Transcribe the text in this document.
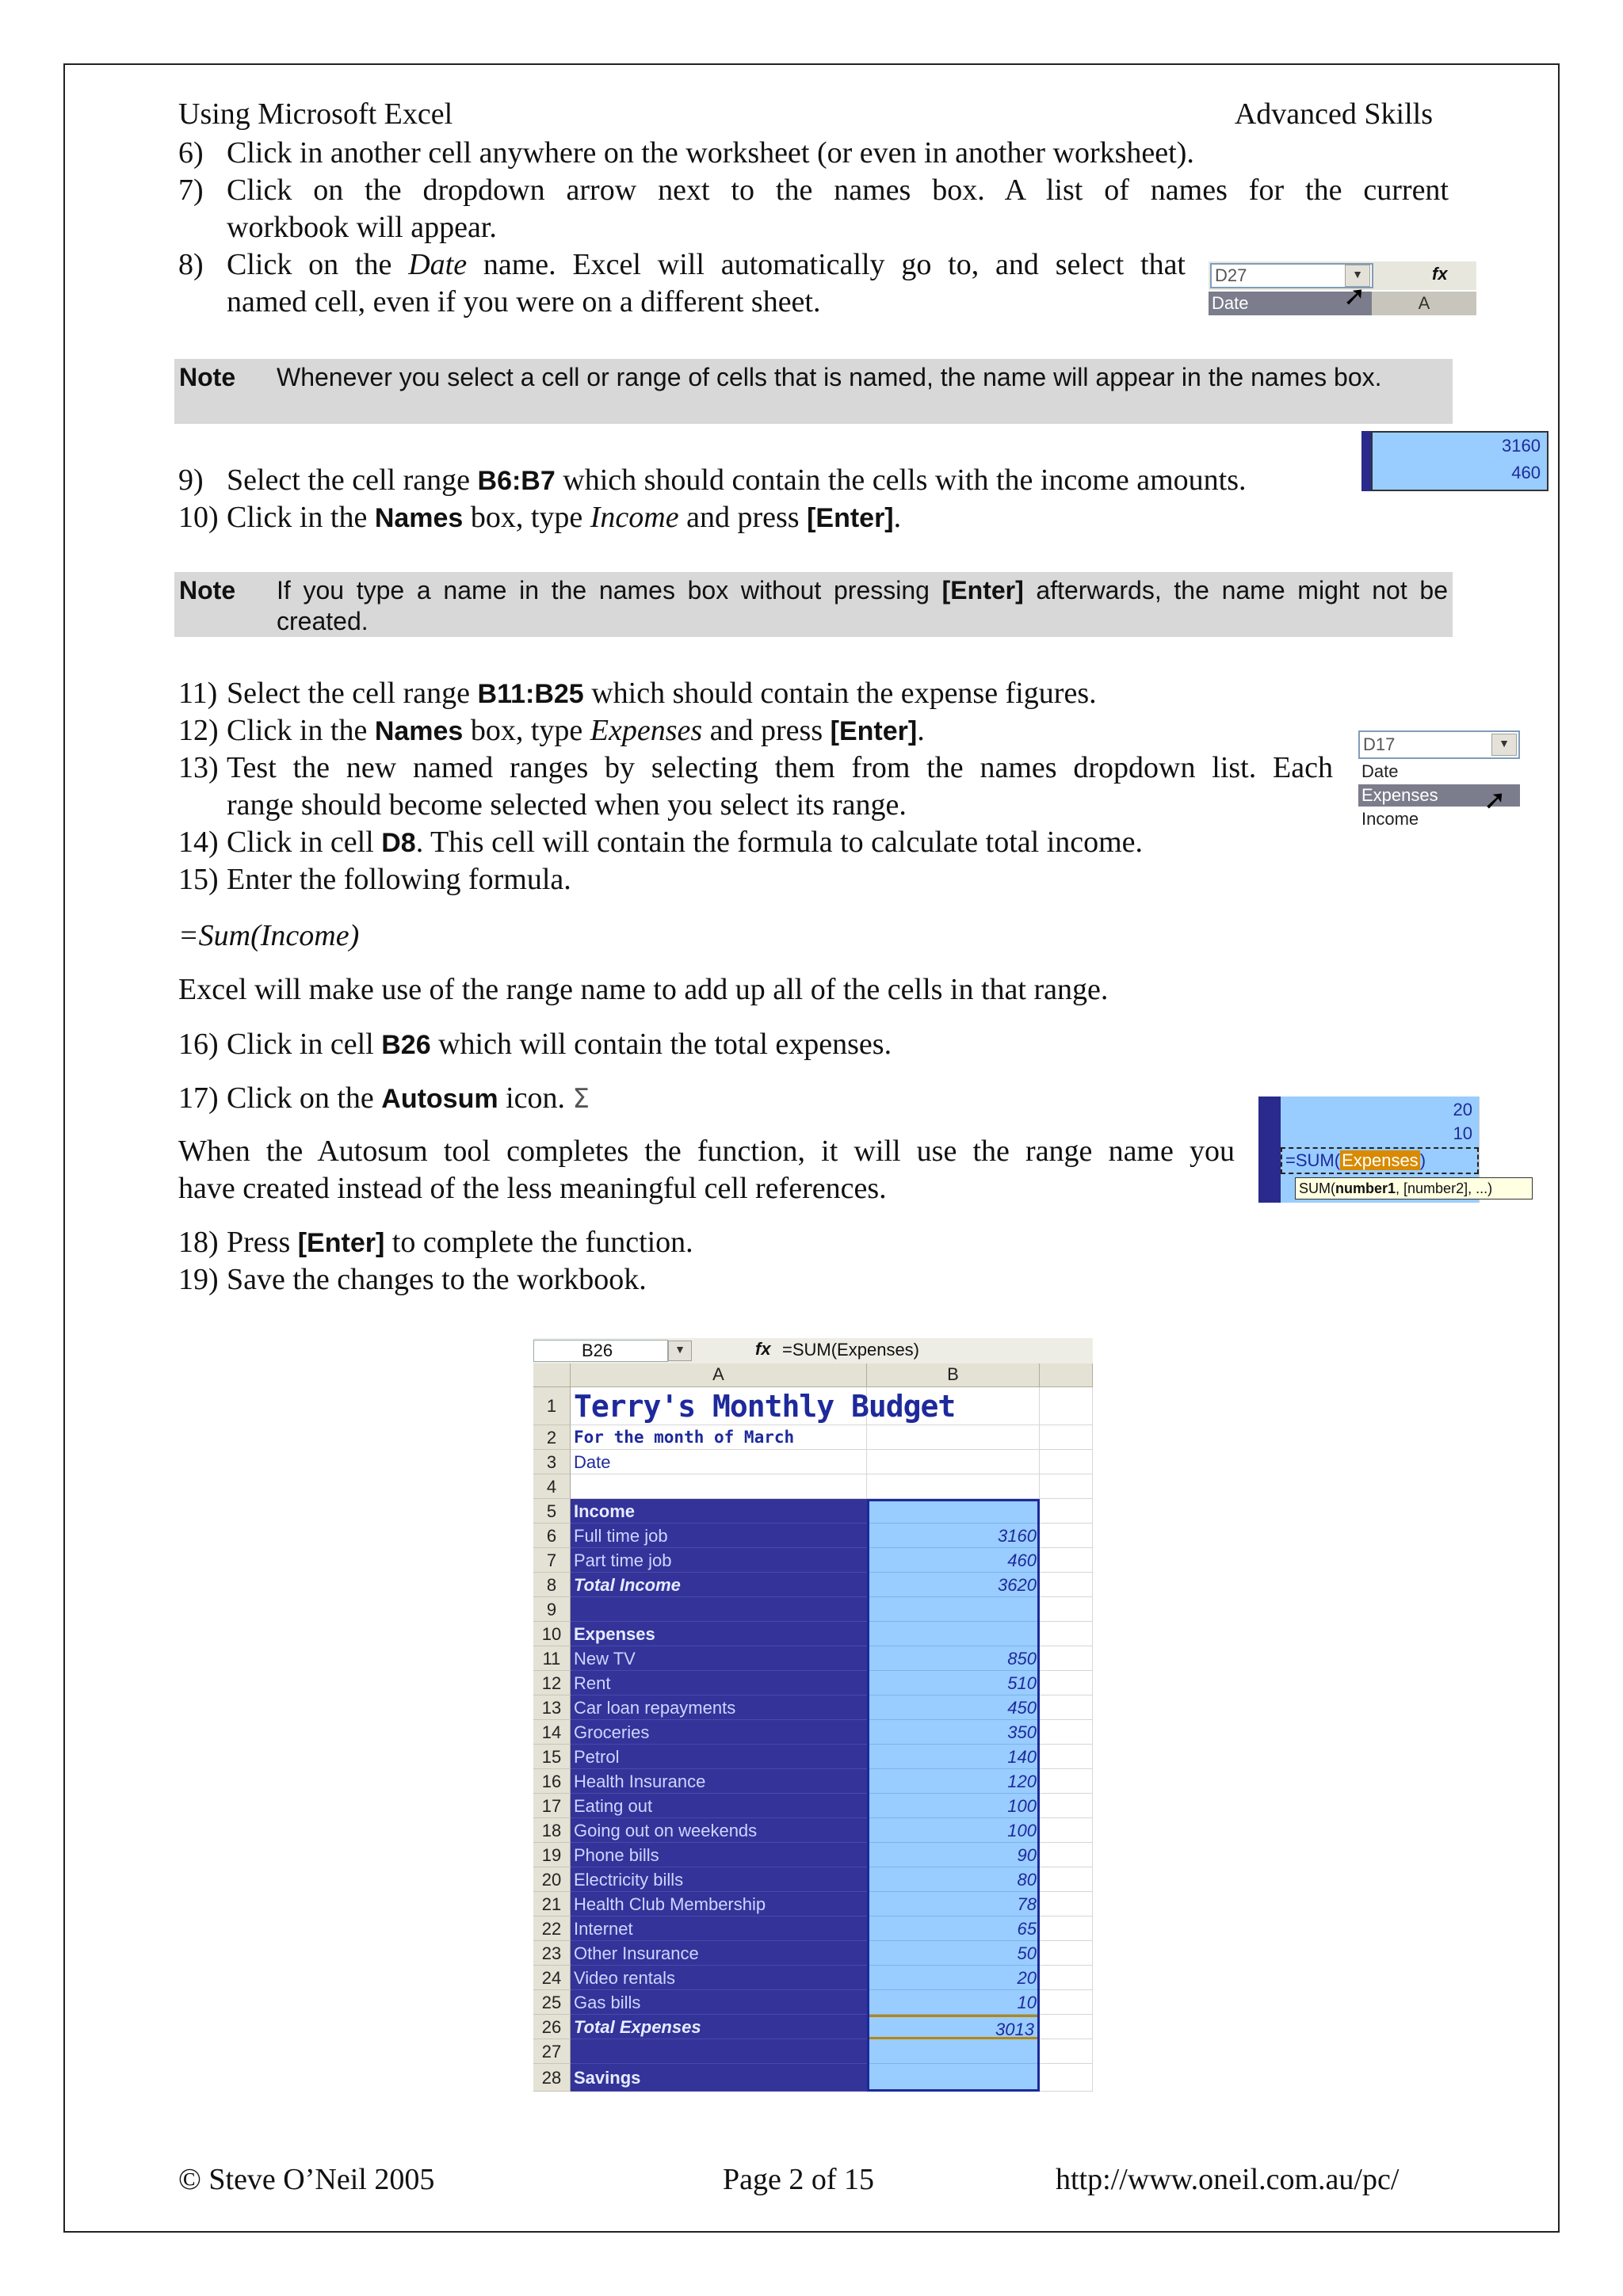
Using Microsoft Excel	Advanced Skills
6) Click in another cell anywhere on the worksheet (or even in another worksheet).
7) Click on the dropdown arrow next to the names box. A list of names for the current
workbook will appear.
8) Click on the Date name. Excel will automatically go to, and select that
named cell, even if you were on a different sheet.
D27	▼	fx
Date	A
➚
Note Whenever you select a cell or range of cells that is named, the name will appear in the names box.
3160
460
9) Select the cell range B6:B7 which should contain the cells with the income amounts.
10) Click in the Names box, type Income and press [Enter].
Note If you type a name in the names box without pressing [Enter] afterwards, the name might not be created.
11) Select the cell range B11:B25 which should contain the expense figures.
12) Click in the Names box, type Expenses and press [Enter].
13) Test the new named ranges by selecting them from the names dropdown list. Each
range should become selected when you select its range.
14) Click in cell D8. This cell will contain the formula to calculate total income.
15) Enter the following formula.
D17	▼
Date
Expenses
Income
➚
=Sum(Income)
Excel will make use of the range name to add up all of the cells in that range.
16) Click in cell B26 which will contain the total expenses.
17) Click on the Autosum icon. Σ
When the Autosum tool completes the function, it will use the range name you
have created instead of the less meaningful cell references.
20
10
=SUM(Expenses)
SUM(number1, [number2], ...)
18) Press [Enter] to complete the function.
19) Save the changes to the workbook.
B26	▼	fx =SUM(Expenses)
A	B
1 Terry's Monthly Budget
2	For the month of March
3 Date
4
5 Income
6 Full time job	3160
7 Part time job	460
8 Total Income	3620
9
10 Expenses
11 New TV	850
12 Rent	510
13 Car loan repayments	450
14 Groceries	350
15 Petrol	140
16 Health Insurance	120
17 Eating out	100
18 Going out on weekends	100
19 Phone bills	90
20 Electricity bills	80
21 Health Club Membership	78
22 Internet	65
23 Other Insurance	50
24 Video rentals	20
25 Gas bills	10
26 Total Expenses	3013
27
28 Savings
© Steve O’Neil 2005	Page 2 of 15	http://www.oneil.com.au/pc/
